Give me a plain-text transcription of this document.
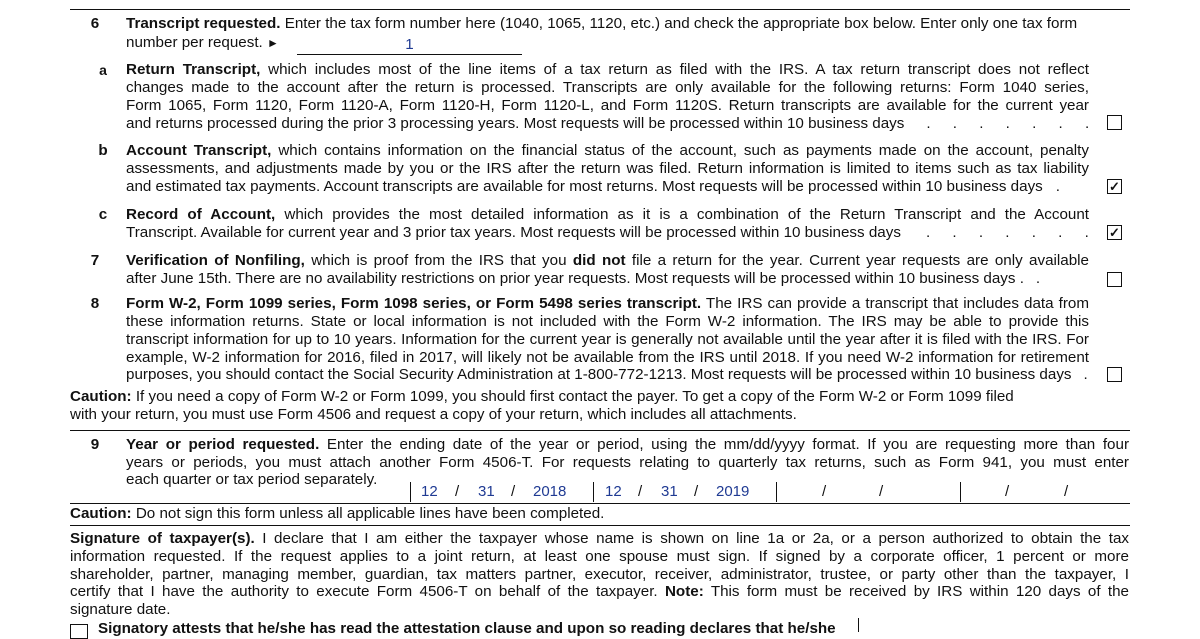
6	Transcript requested. Enter the tax form number here (1040, 1065, 1120, etc.) and check the appropriate box below. Enter only one tax form
number per request. ►	1
a	Return Transcript, which includes most of the line items of a tax return as filed with the IRS. A tax return transcript does not reflect
changes made to the account after the return is processed. Transcripts are only available for the following returns: Form 1040 series,
Form 1065, Form 1120, Form 1120-A, Form 1120-H, Form 1120-L, and Form 1120S. Return transcripts are available for the current year
and returns processed during the prior 3 processing years. Most requests will be processed within 10 business days . . . . . . .
b	Account Transcript, which contains information on the financial status of the account, such as payments made on the account, penalty
assessments, and adjustments made by you or the IRS after the return was filed. Return information is limited to items such as tax liability
and estimated tax payments. Account transcripts are available for most returns. Most requests will be processed within 10 business days .	✓
c	Record of Account, which provides the most detailed information as it is a combination of the Return Transcript and the Account
Transcript. Available for current year and 3 prior tax years. Most requests will be processed within 10 business days . . . . . . . ✓
7	Verification of Nonfiling, which is proof from the IRS that you did not file a return for the year. Current year requests are only available
after June 15th. There are no availability restrictions on prior year requests. Most requests will be processed within 10 business days . .
8	Form W-2, Form 1099 series, Form 1098 series, or Form 5498 series transcript. The IRS can provide a transcript that includes data from
these information returns. State or local information is not included with the Form W-2 information. The IRS may be able to provide this
transcript information for up to 10 years. Information for the current year is generally not available until the year after it is filed with the IRS. For
example, W-2 information for 2016, filed in 2017, will likely not be available from the IRS until 2018. If you need W-2 information for retirement
purposes, you should contact the Social Security Administration at 1-800-772-1213. Most requests will be processed within 10 business days .
Caution: If you need a copy of Form W-2 or Form 1099, you should first contact the payer. To get a copy of the Form W-2 or Form 1099 filed
with your return, you must use Form 4506 and request a copy of your return, which includes all attachments.
9	Year or period requested. Enter the ending date of the year or period, using the mm/dd/yyyy format. If you are requesting more than four
years or periods, you must attach another Form 4506-T. For requests relating to quarterly tax returns, such as Form 941, you must enter
each quarter or tax period separately.
12 / 31 / 2018	12 / 31 / 2019	/	/	/	/
Caution: Do not sign this form unless all applicable lines have been completed.
Signature of taxpayer(s). I declare that I am either the taxpayer whose name is shown on line 1a or 2a, or a person authorized to obtain the tax
information requested. If the request applies to a joint return, at least one spouse must sign. If signed by a corporate officer, 1 percent or more
shareholder, partner, managing member, guardian, tax matters partner, executor, receiver, administrator, trustee, or party other than the taxpayer, I
certify that I have the authority to execute Form 4506-T on behalf of the taxpayer. Note: This form must be received by IRS within 120 days of the
signature date.
Signatory attests that he/she has read the attestation clause and upon so reading declares that he/she
